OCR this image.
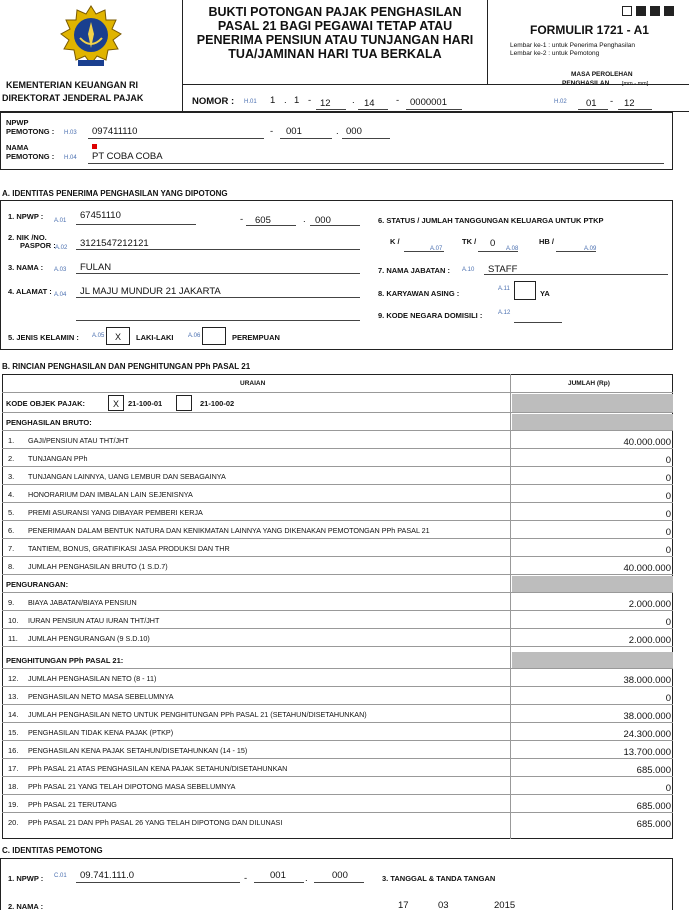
KEMENTERIAN KEUANGAN RI
DIREKTORAT JENDERAL PAJAK
BUKTI POTONGAN PAJAK PENGHASILAN
PASAL 21 BAGI PEGAWAI TETAP ATAU
PENERIMA PENSIUN ATAU TUNJANGAN HARI
TUA/JAMINAN HARI TUA BERKALA
FORMULIR 1721 - A1
Lembar ke-1 : untuk Penerima Penghasilan
Lembar ke-2 : untuk Pemotong
MASA PEROLEHAN
PENGHASILAN [mm - mm]
NOMOR : H.01 1 . 1 - 12 . 14 - 0000001	H.02 01 - 12
NPWP
PEMOTONG : H.03 097411110	- 001	. 000
NAMA
PEMOTONG : H.04 PT COBA COBA
A. IDENTITAS PENERIMA PENGHASILAN YANG DIPOTONG
1. NPWP : A.01 67451110	- 605	. 000
2. NIK /NO.
PASPOR : A.02 3121547212121
3. NAMA : A.03 FULAN
4. ALAMAT : A.04 JL MAJU MUNDUR 21 JAKARTA
5. JENIS KELAMIN : A.05	X	LAKI-LAKI A.06	PEREMPUAN
6. STATUS / JUMLAH TANGGUNGAN KELUARGA UNTUK PTKP
K /
A.07
TK / 0 A.08
HB /
A.09
7. NAMA JABATAN : A.10 STAFF
8. KARYAWAN ASING :	A.11	YA
9. KODE NEGARA DOMISILI :	A.12
B. RINCIAN PENGHASILAN DAN PENGHITUNGAN PPh PASAL 21
URAIAN	JUMLAH (Rp)
KODE OBJEK PAJAK:	X	21-100-01	21-100-02
PENGHASILAN BRUTO:
1. GAJI/PENSIUN ATAU THT/JHT	40.000.000
2. TUNJANGAN PPh	0
3. TUNJANGAN LAINNYA, UANG LEMBUR DAN SEBAGAINYA	0
4. HONORARIUM DAN IMBALAN LAIN SEJENISNYA	0
5. PREMI ASURANSI YANG DIBAYAR PEMBERI KERJA	0
6. PENERIMAAN DALAM BENTUK NATURA DAN KENIKMATAN LAINNYA YANG DIKENAKAN PEMOTONGAN PPh PASAL 21	0
7. TANTIEM, BONUS, GRATIFIKASI JASA PRODUKSI DAN THR	0
8. JUMLAH PENGHASILAN BRUTO (1 S.D.7)	40.000.000
PENGURANGAN:
9. BIAYA JABATAN/BIAYA PENSIUN	2.000.000
10. IURAN PENSIUN ATAU IURAN THT/JHT	0
11. JUMLAH PENGURANGAN (9 S.D.10)	2.000.000
PENGHITUNGAN PPh PASAL 21:
12. JUMLAH PENGHASILAN NETO (8 - 11)	38.000.000
13. PENGHASILAN NETO MASA SEBELUMNYA	0
14. JUMLAH PENGHASILAN NETO UNTUK PENGHITUNGAN PPh PASAL 21 (SETAHUN/DISETAHUNKAN)	38.000.000
15. PENGHASILAN TIDAK KENA PAJAK (PTKP)	24.300.000
16. PENGHASILAN KENA PAJAK SETAHUN/DISETAHUNKAN (14 - 15)	13.700.000
17. PPh PASAL 21 ATAS PENGHASILAN KENA PAJAK SETAHUN/DISETAHUNKAN	685.000
18. PPh PASAL 21 YANG TELAH DIPOTONG MASA SEBELUMNYA	0
19. PPh PASAL 21 TERUTANG	685.000
20. PPh PASAL 21 DAN PPh PASAL 26 YANG TELAH DIPOTONG DAN DILUNASI	685.000
C. IDENTITAS PEMOTONG
1. NPWP : C.01 09.741.111.0	- 001 .	000	3. TANGGAL & TANDA TANGAN
2. NAMA :	17	03	2015
